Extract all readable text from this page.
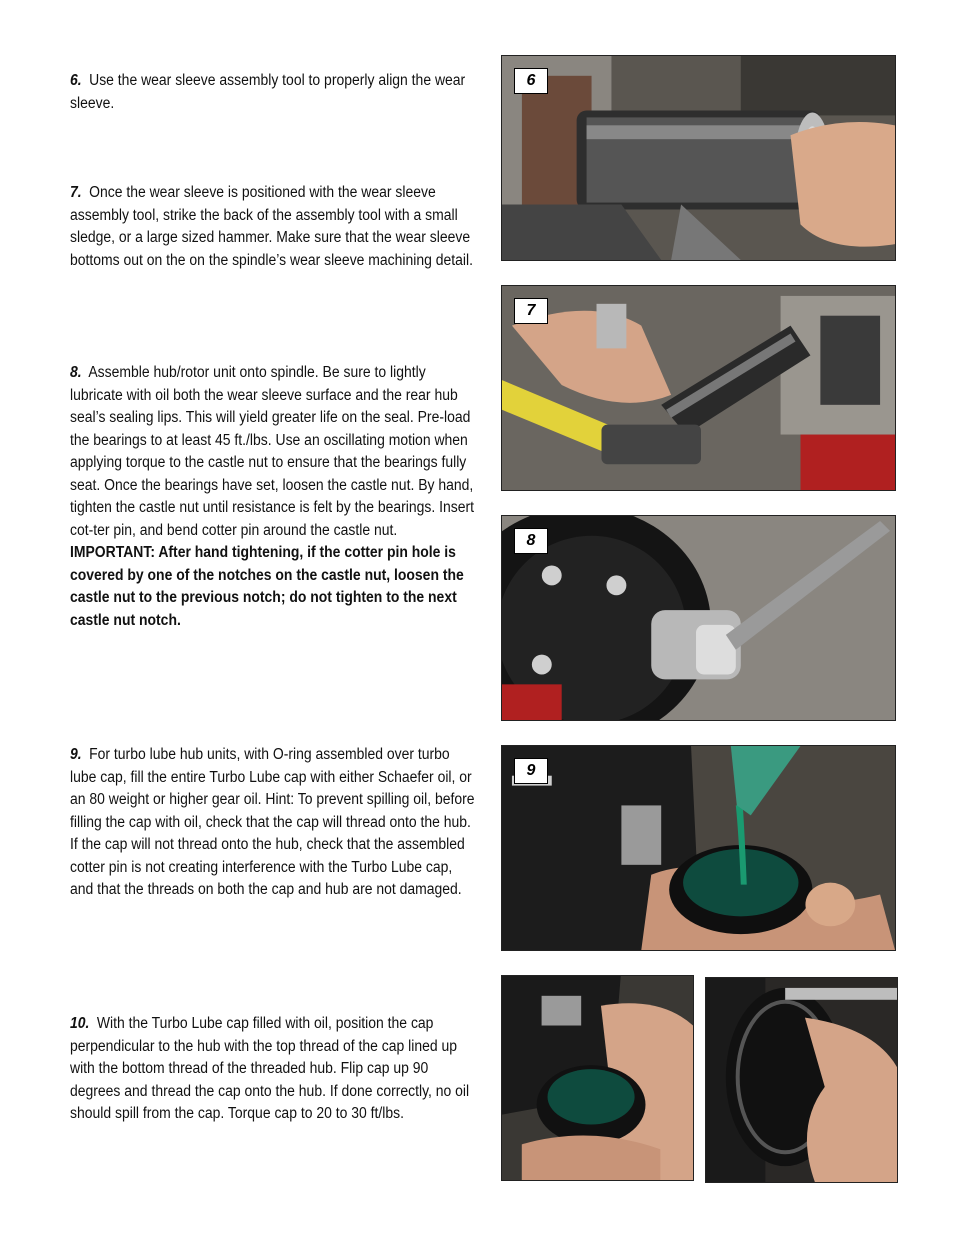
6. Use the wear sleeve assembly tool to properly align the wear sleeve.
7. Once the wear sleeve is positioned with the wear sleeve assembly tool, strike the back of the assembly tool with a small sledge, or a large sized hammer. Make sure that the wear sleeve bottoms out on the on the spindle’s wear sleeve machining detail.
8. Assemble hub/rotor unit onto spindle. Be sure to lightly lubricate with oil both the wear sleeve surface and the rear hub seal’s sealing lips. This will yield greater life on the seal. Pre-load the bearings to at least 45 ft./lbs. Use an oscillating motion when applying torque to the castle nut to ensure that the bearings fully seat. Once the bearings have set, loosen the castle nut. By hand, tighten the castle nut until resistance is felt by the bearings. Insert cot-ter pin, and bend cotter pin around the castle nut. IMPORTANT: After hand tightening, if the cotter pin hole is covered by one of the notches on the castle nut, loosen the castle nut to the previous notch; do not tighten to the next castle nut notch.
9. For turbo lube hub units, with O-ring assembled over turbo lube cap, fill the entire Turbo Lube cap with either Schaefer oil, or an 80 weight or higher gear oil. Hint: To prevent spilling oil, before filling the cap with oil, check that the cap will thread onto the hub. If the cap will not thread onto the hub, check that the assembled cotter pin is not creating interference with the Turbo Lube cap, and that the threads on both the cap and hub are not damaged.
10. With the Turbo Lube cap filled with oil, position the cap perpendicular to the hub with the top thread of the cap lined up with the bottom thread of the threaded hub. Flip cap up 90 degrees and thread the cap onto the hub. If done correctly, no oil should spill from the cap. Torque cap to 20 to 30 ft/lbs.
6
7
8
9
